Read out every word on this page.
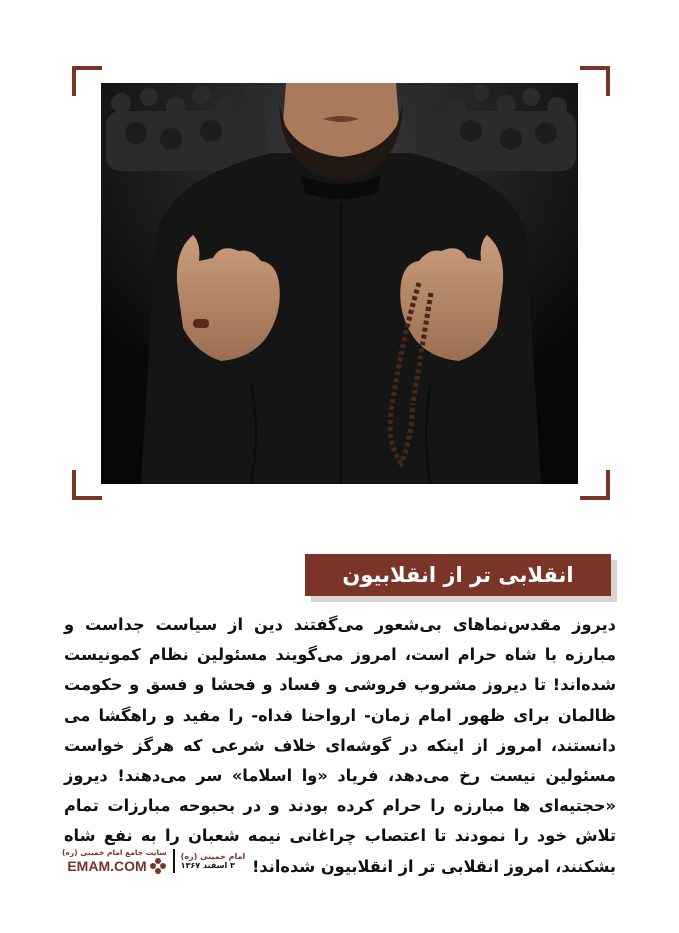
انقلابی تر از انقلابیون
دیروز مقدس‌نماهای بی‌شعور می‌گفتند دین از سیاست جداست و مبارزه با شاه حرام است، امروز می‌گویند مسئولین نظام کمونیست شده‌اند! تا دیروز مشروب فروشی و فساد و فحشا و فسق و حکومت ظالمان برای ظهور امام زمان- ارواحنا فداه- را مفید و راهگشا می دانستند، امروز از اینکه در گوشه‌ای خلاف شرعی که هرگز خواست مسئولین نیست رخ می‌دهد، فریاد «وا اسلاما» سر می‌دهند! دیروز «حجتیه‌ای ها مبارزه را حرام کرده بودند و در بحبوحه مبارزات تمام تلاش خود را نمودند تا اعتصاب چراغانی نیمه شعبان را به نفع شاه بشکنند، امروز انقلابی تر از انقلابیون شده‌اند!
سایت جامع امام خمینی (ره)
EMAM.COM
امام خمینی (ره)
۳ اسفند ۱۳۶۷
